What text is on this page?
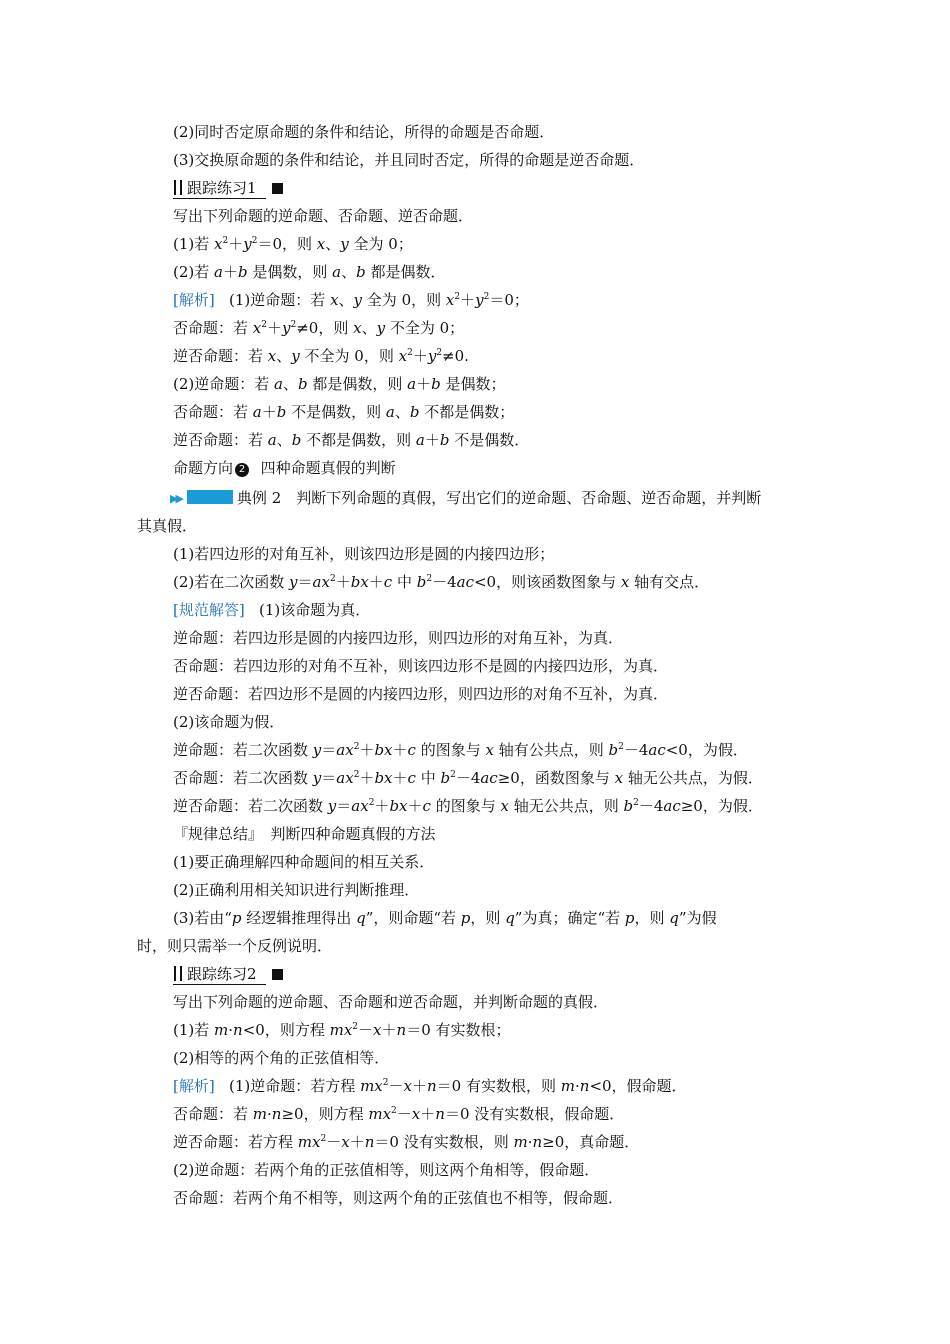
(2)同时否定原命题的条件和结论，所得的命题是否命题．
(3)交换原命题的条件和结论，并且同时否定，所得的命题是逆否命题．
跟踪练习1
写出下列命题的逆命题、否命题、逆否命题．
(1)若 $x^2+y^2=0$，则 x、y 全为 0；
(2)若 a＋b 是偶数，则 a、b 都是偶数．
[解析] (1)逆命题：若 x、y 全为 0，则 $x^2+y^2=0$；
否命题：若 $x^2+y^2\ne 0$，则 x、y 不全为 0；
逆否命题：若 x、y 不全为 0，则 $x^2+y^2\ne 0$.
(2)逆命题：若 a、b 都是偶数，则 a＋b 是偶数；
否命题：若 a＋b 不是偶数，则 a、b 不都是偶数；
逆否命题：若 a、b 不都是偶数，则 a＋b 不是偶数．
命题方向 2 四种命题真假的判断
▶▶	典例 2　判断下列命题的真假，写出它们的逆命题、否命题、逆否命题，并判断
其真假．
(1)若四边形的对角互补，则该四边形是圆的内接四边形；
(2)若在二次函数 $y=ax^2+bx+c$ 中 $b^2-4ac<0$，则该函数图象与 x 轴有交点．
[规范解答] (1)该命题为真．
逆命题：若四边形是圆的内接四边形，则四边形的对角互补，为真．
否命题：若四边形的对角不互补，则该四边形不是圆的内接四边形，为真．
逆否命题：若四边形不是圆的内接四边形，则四边形的对角不互补，为真．
(2)该命题为假．
逆命题：若二次函数 $y=ax^2+bx+c$ 的图象与 x 轴有公共点，则 $b^2-4ac<0$，为假．
否命题：若二次函数 $y=ax^2+bx+c$ 中 $b^2-4ac\ge 0$，函数图象与 x 轴无公共点，为假．
逆否命题：若二次函数 $y=ax^2+bx+c$ 的图象与 x 轴无公共点，则 $b^2-4ac\ge 0$，为假．
『规律总结』　判断四种命题真假的方法
(1)要正确理解四种命题间的相互关系．
(2)正确利用相关知识进行判断推理．
(3)若由“p 经逻辑推理得出 q”，则命题“若 p，则 q”为真；确定“若 p，则 q”为假
时，则只需举一个反例说明．
跟踪练习2
写出下列命题的逆命题、否命题和逆否命题，并判断命题的真假．
(1)若 m·n<0，则方程 $mx^2-x+n=0$ 有实数根；
(2)相等的两个角的正弦值相等．
[解析] (1)逆命题：若方程 $mx^2-x+n=0$ 有实数根，则 m·n<0，假命题．
否命题：若 m·n≥0，则方程 $mx^2-x+n=0$ 没有实数根，假命题．
逆否命题：若方程 $mx^2-x+n=0$ 没有实数根，则 m·n≥0，真命题．
(2)逆命题：若两个角的正弦值相等，则这两个角相等，假命题．
否命题：若两个角不相等，则这两个角的正弦值也不相等，假命题．
